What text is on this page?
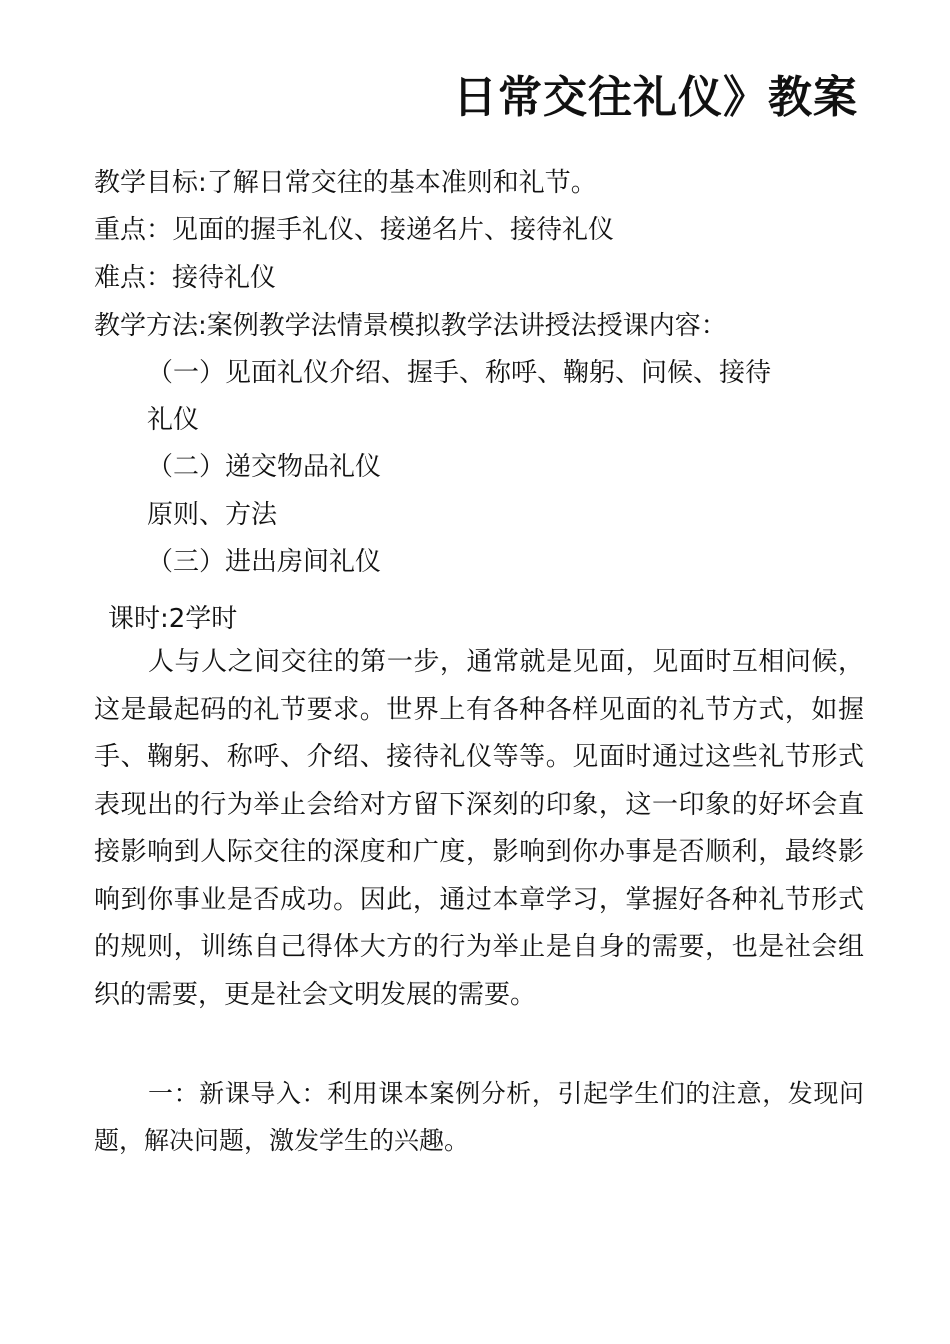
日常交往礼仪》教案
教学目标:了解日常交往的基本准则和礼节。
重点：见面的握手礼仪、接递名片、接待礼仪
难点：接待礼仪
教学方法:案例教学法情景模拟教学法讲授法授课内容：
（一）见面礼仪介绍、握手、称呼、鞠躬、问候、接待
礼仪
（二）递交物品礼仪
原则、方法
（三）进出房间礼仪
课时:2学时

人与人之间交往的第一步，通常就是见面，见面时互相问候，这是最起码的礼节要求。世界上有各种各样见面的礼节方式，如握手、鞠躬、称呼、介绍、接待礼仪等等。见面时通过这些礼节形式表现出的行为举止会给对方留下深刻的印象，这一印象的好坏会直接影响到人际交往的深度和广度，影响到你办事是否顺利，最终影响到你事业是否成功。因此，通过本章学习，掌握好各种礼节形式的规则，训练自己得体大方的行为举止是自身的需要，也是社会组织的需要，更是社会文明发展的需要。

一：新课导入：利用课本案例分析，引起学生们的注意，发现问题，解决问题，激发学生的兴趣。
